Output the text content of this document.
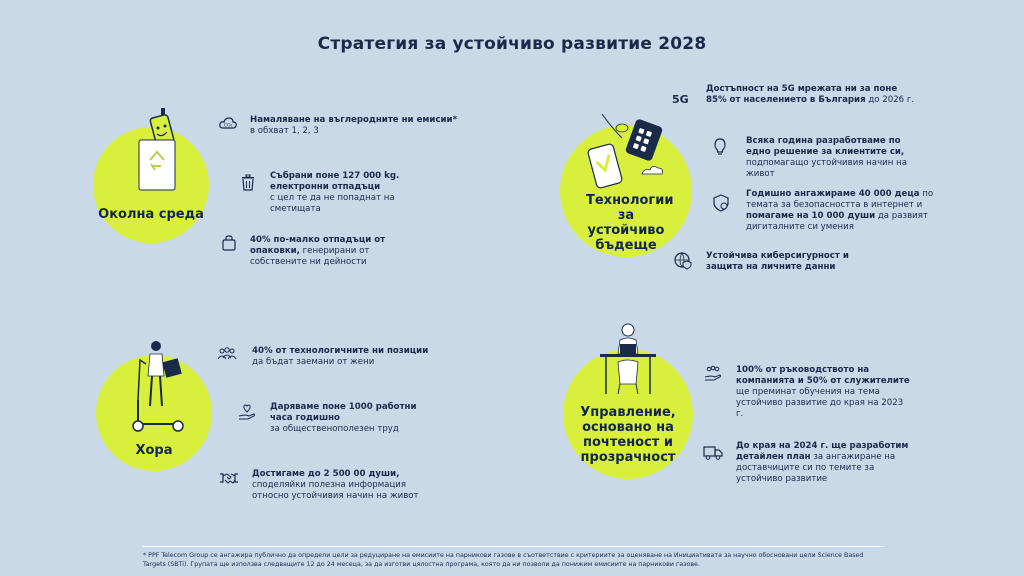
Стратегия за устойчиво развитие 2028
Околна среда
CO₂
Намаляване на въглеродните ни емисии*
в обхват 1, 2, 3
Събрани поне 127 000 kg. електронни отпадъци
с цел те да не попаднат на сметищата
40% по-малко отпадъци от опаковки, генерирани от собствените ни дейности
Технологии за устойчиво бъдеще
5G
Достъпност на 5G мрежата ни за поне 85% от населението в България до 2026 г.
Всяка година разработваме по едно решение за клиентите си, подпомагащо устойчивия начин на живот
Годишно ангажираме 40 000 деца по темата за безопасността в интернет и помагаме на 10 000 души да развият дигиталните си умения
Устойчива киберсигурност и защита на личните данни
Хора
40% от технологичните ни позиции
да бъдат заемани от жени
Даряваме поне 1000 работни часа годишно
за общественополезен труд
Достигаме до 2 500 00 души,
споделяйки полезна информация относно устойчивия начин на живот
Управление, основано на почтеност и прозрачност
100% от ръководството на компанията и 50% от служителите ще преминат обучения на тема устойчиво развитие до края на 2023 г.
До края на 2024 г. ще разработим детайлен план за ангажиране на доставчиците си по темите за устойчиво развитие
* PPF Telecom Group се ангажира публично да определи цели за редуциране на емисиите на парникови газове в съответствие с критериите за оценяване на Инициативата за научно обосновани цели Science Based Targets (SBTi). Групата ще използва следващите 12 до 24 месеца, за да изготви цялостна програма, която да ни позволи да понижим емисиите на парникови газове.
